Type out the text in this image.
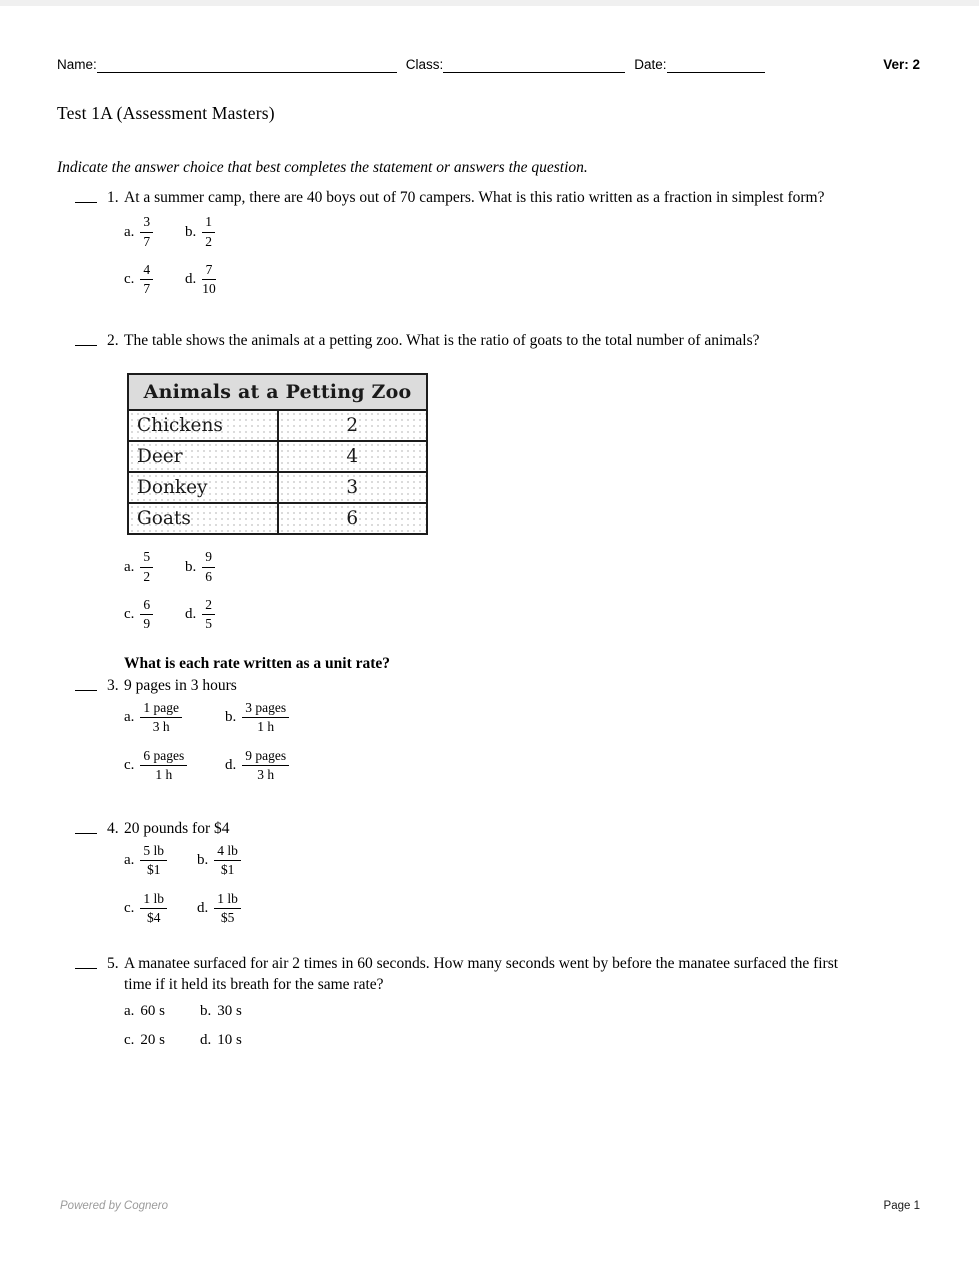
Name:	Class:	Date:	Ver: 2
Test 1A (Assessment Masters)
Indicate the answer choice that best completes the statement or answers the question.
1. At a summer camp, there are 40 boys out of 70 campers. What is this ratio written as a fraction in simplest form?
a. $\frac{3}{7} b$. $\frac{1}{2}$
c. $\frac{4}{7} d$. $\frac{7}{10}$
2. The table shows the animals at a petting zoo. What is the ratio of goats to the total number of animals?
Animals at a Petting Zoo	
Chickens	2
Deer	4
Donkey	3
Goats	6
a. $\frac{5}{2} b$. $\frac{9}{6}$
c. $\frac{6}{9} d$. $\frac{2}{5}$
What is each rate written as a unit rate?
3. 9 pages in 3 hours
a. $\frac{\text{1 page}}{3 h}$	b. $\frac{\text{3 pages}}{1 h}$
c. $\frac{\text{6 pages}}{1 h}$	d. $\frac{\text{9 pages}}{3 h}$
4. 20 pounds for $4
a. $\frac{5 lb}{\$1} b$. $\frac{4 lb}{\$1}$
c. $\frac{1 lb}{\$4} d$. $\frac{1 lb}{\$5}$
5. A manatee surfaced for air 2 times in 60 seconds. How many seconds went by before the manatee surfaced the first time if it held its breath for the same rate?
a. 60 s b. 30 s
c. 20 s d. 10 s
Powered by Cognero	Page 1
